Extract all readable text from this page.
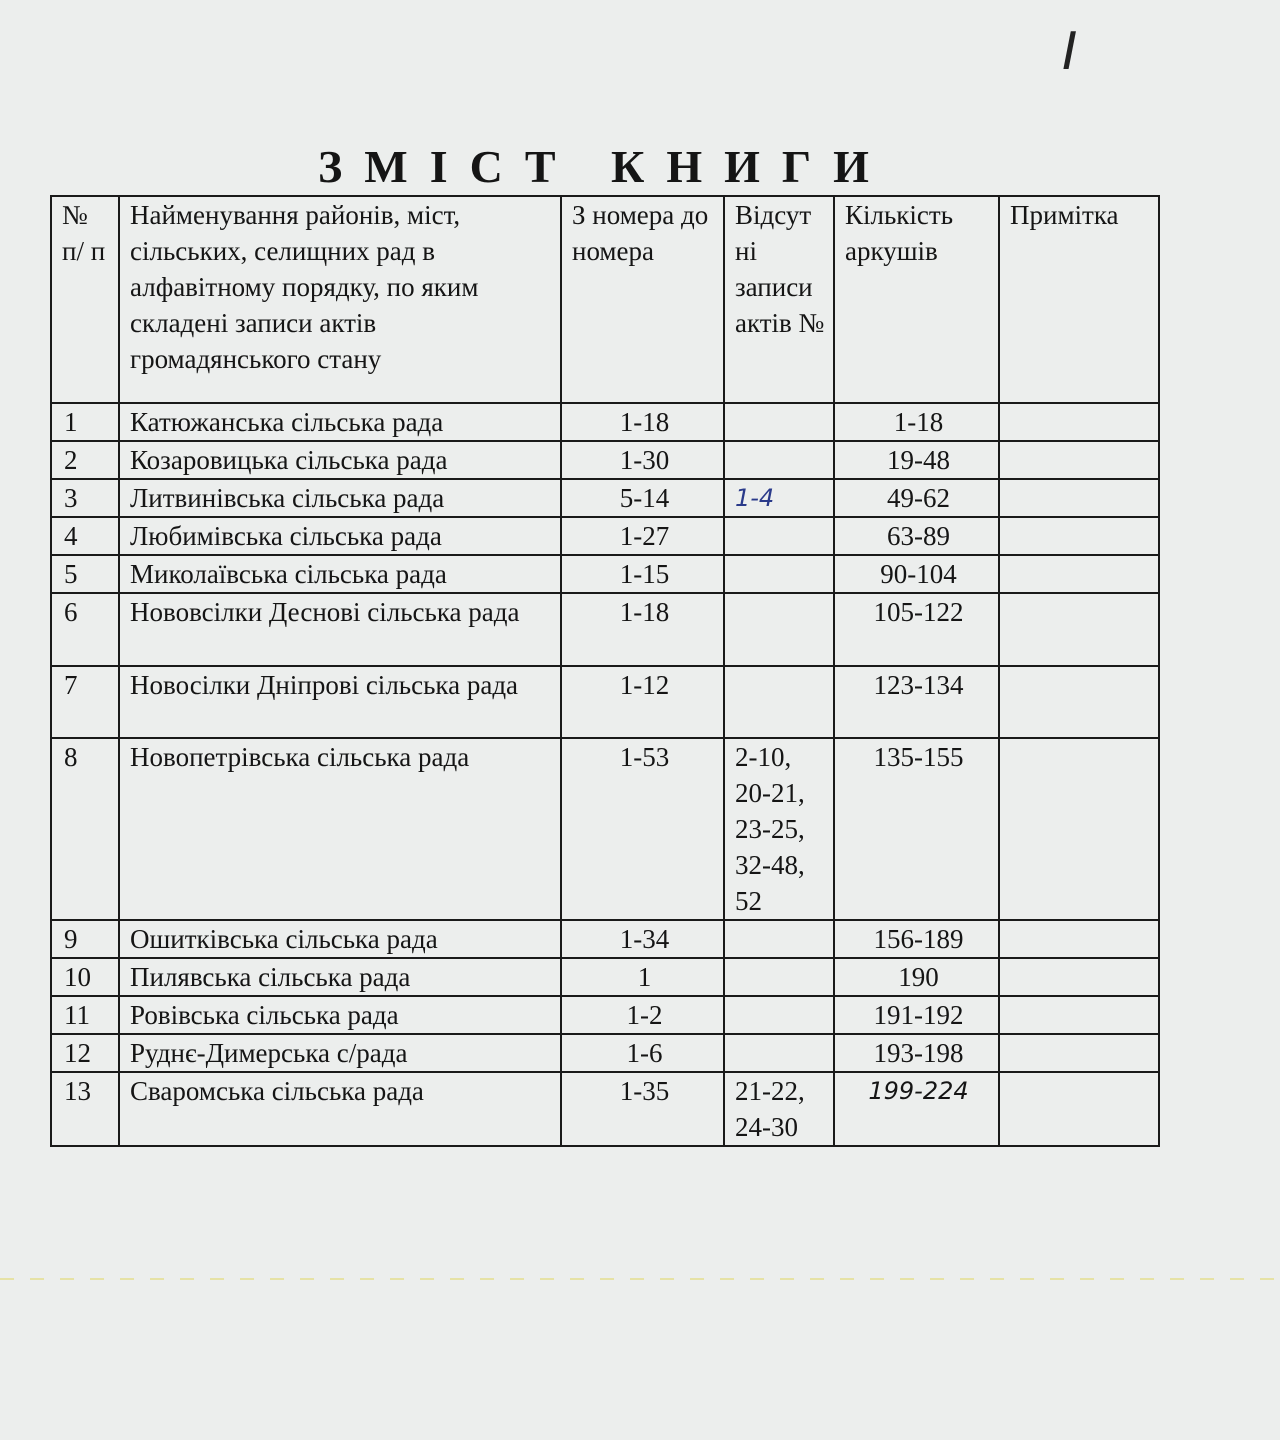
I
ЗМІСТ КНИГИ
№ п/ п	Найменування районів, міст, сільських, селищних рад в алфавітному порядку, по яким складені записи актів громадянського стану	З номера до номера	Відсут ні записи актів №	Кількість аркушів	Примітка
1	Катюжанська сільська рада	1-18		1-18	
2	Козаровицька сільська рада	1-30		19-48	
3	Литвинівська сільська рада	5-14	1-4	49-62	
4	Любимівська сільська рада	1-27		63-89	
5	Миколаївська сільська рада	1-15		90-104	
6	Нововсілки Деснові сільська рада	1-18		105-122	
7	Новосілки Дніпрові сільська рада	1-12		123-134	
8	Новопетрівська сільська рада	1-53	2-10, 20-21, 23-25, 32-48, 52	135-155	
9	Ошитківська сільська рада	1-34		156-189	
10	Пилявська сільська рада	1		190	
11	Ровівська сільська рада	1-2		191-192	
12	Руднє-Димерська с/рада	1-6		193-198	
13	Сваромська сільська рада	1-35	21-22, 24-30	199-224	
